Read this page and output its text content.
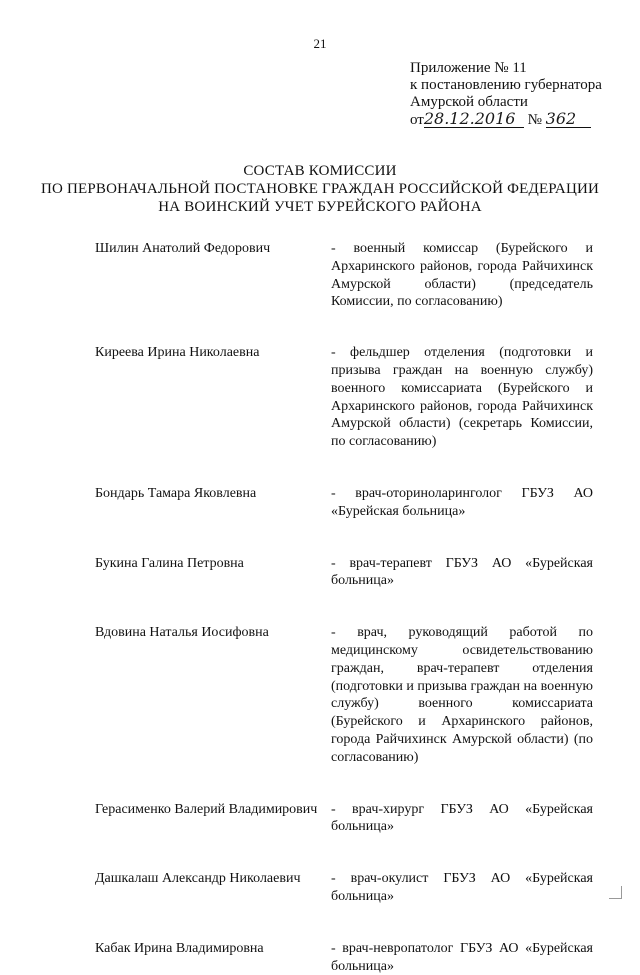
21
Приложение № 11
к постановлению губернатора
Амурской области
от28.12.2016 № 362
СОСТАВ КОМИССИИ
ПО ПЕРВОНАЧАЛЬНОЙ ПОСТАНОВКЕ ГРАЖДАН РОССИЙСКОЙ ФЕДЕРАЦИИ
НА ВОИНСКИЙ УЧЕТ БУРЕЙСКОГО РАЙОНА
Шилин Анатолий Федорович	- военный комиссар (Бурейского и Архаринского районов, города Райчихинск Амурской области) (председатель Комиссии, по согласованию)
Киреева Ирина Николаевна	- фельдшер отделения (подготовки и призыва граждан на военную службу) военного комиссариата (Бурейского и Архаринского районов, города Райчихинск Амурской области) (секретарь Комиссии, по согласованию)
Бондарь Тамара Яковлевна	- врач-оториноларинголог ГБУЗ АО «Бурейская больница»
Букина Галина Петровна	- врач-терапевт ГБУЗ АО «Бурейская больница»
Вдовина Наталья Иосифовна	- врач, руководящий работой по медицинскому освидетельствованию граждан, врач-терапевт отделения (подготовки и призыва граждан на военную службу) военного комиссариата (Бурейского и Архаринского районов, города Райчихинск Амурской области) (по согласованию)
Герасименко Валерий Владимирович - врач-хирург ГБУЗ АО «Бурейская больница»
Дашкалаш Александр Николаевич	- врач-окулист ГБУЗ АО «Бурейская больница»
Кабак Ирина Владимировна	- врач-невропатолог ГБУЗ АО «Бурейская больница»
